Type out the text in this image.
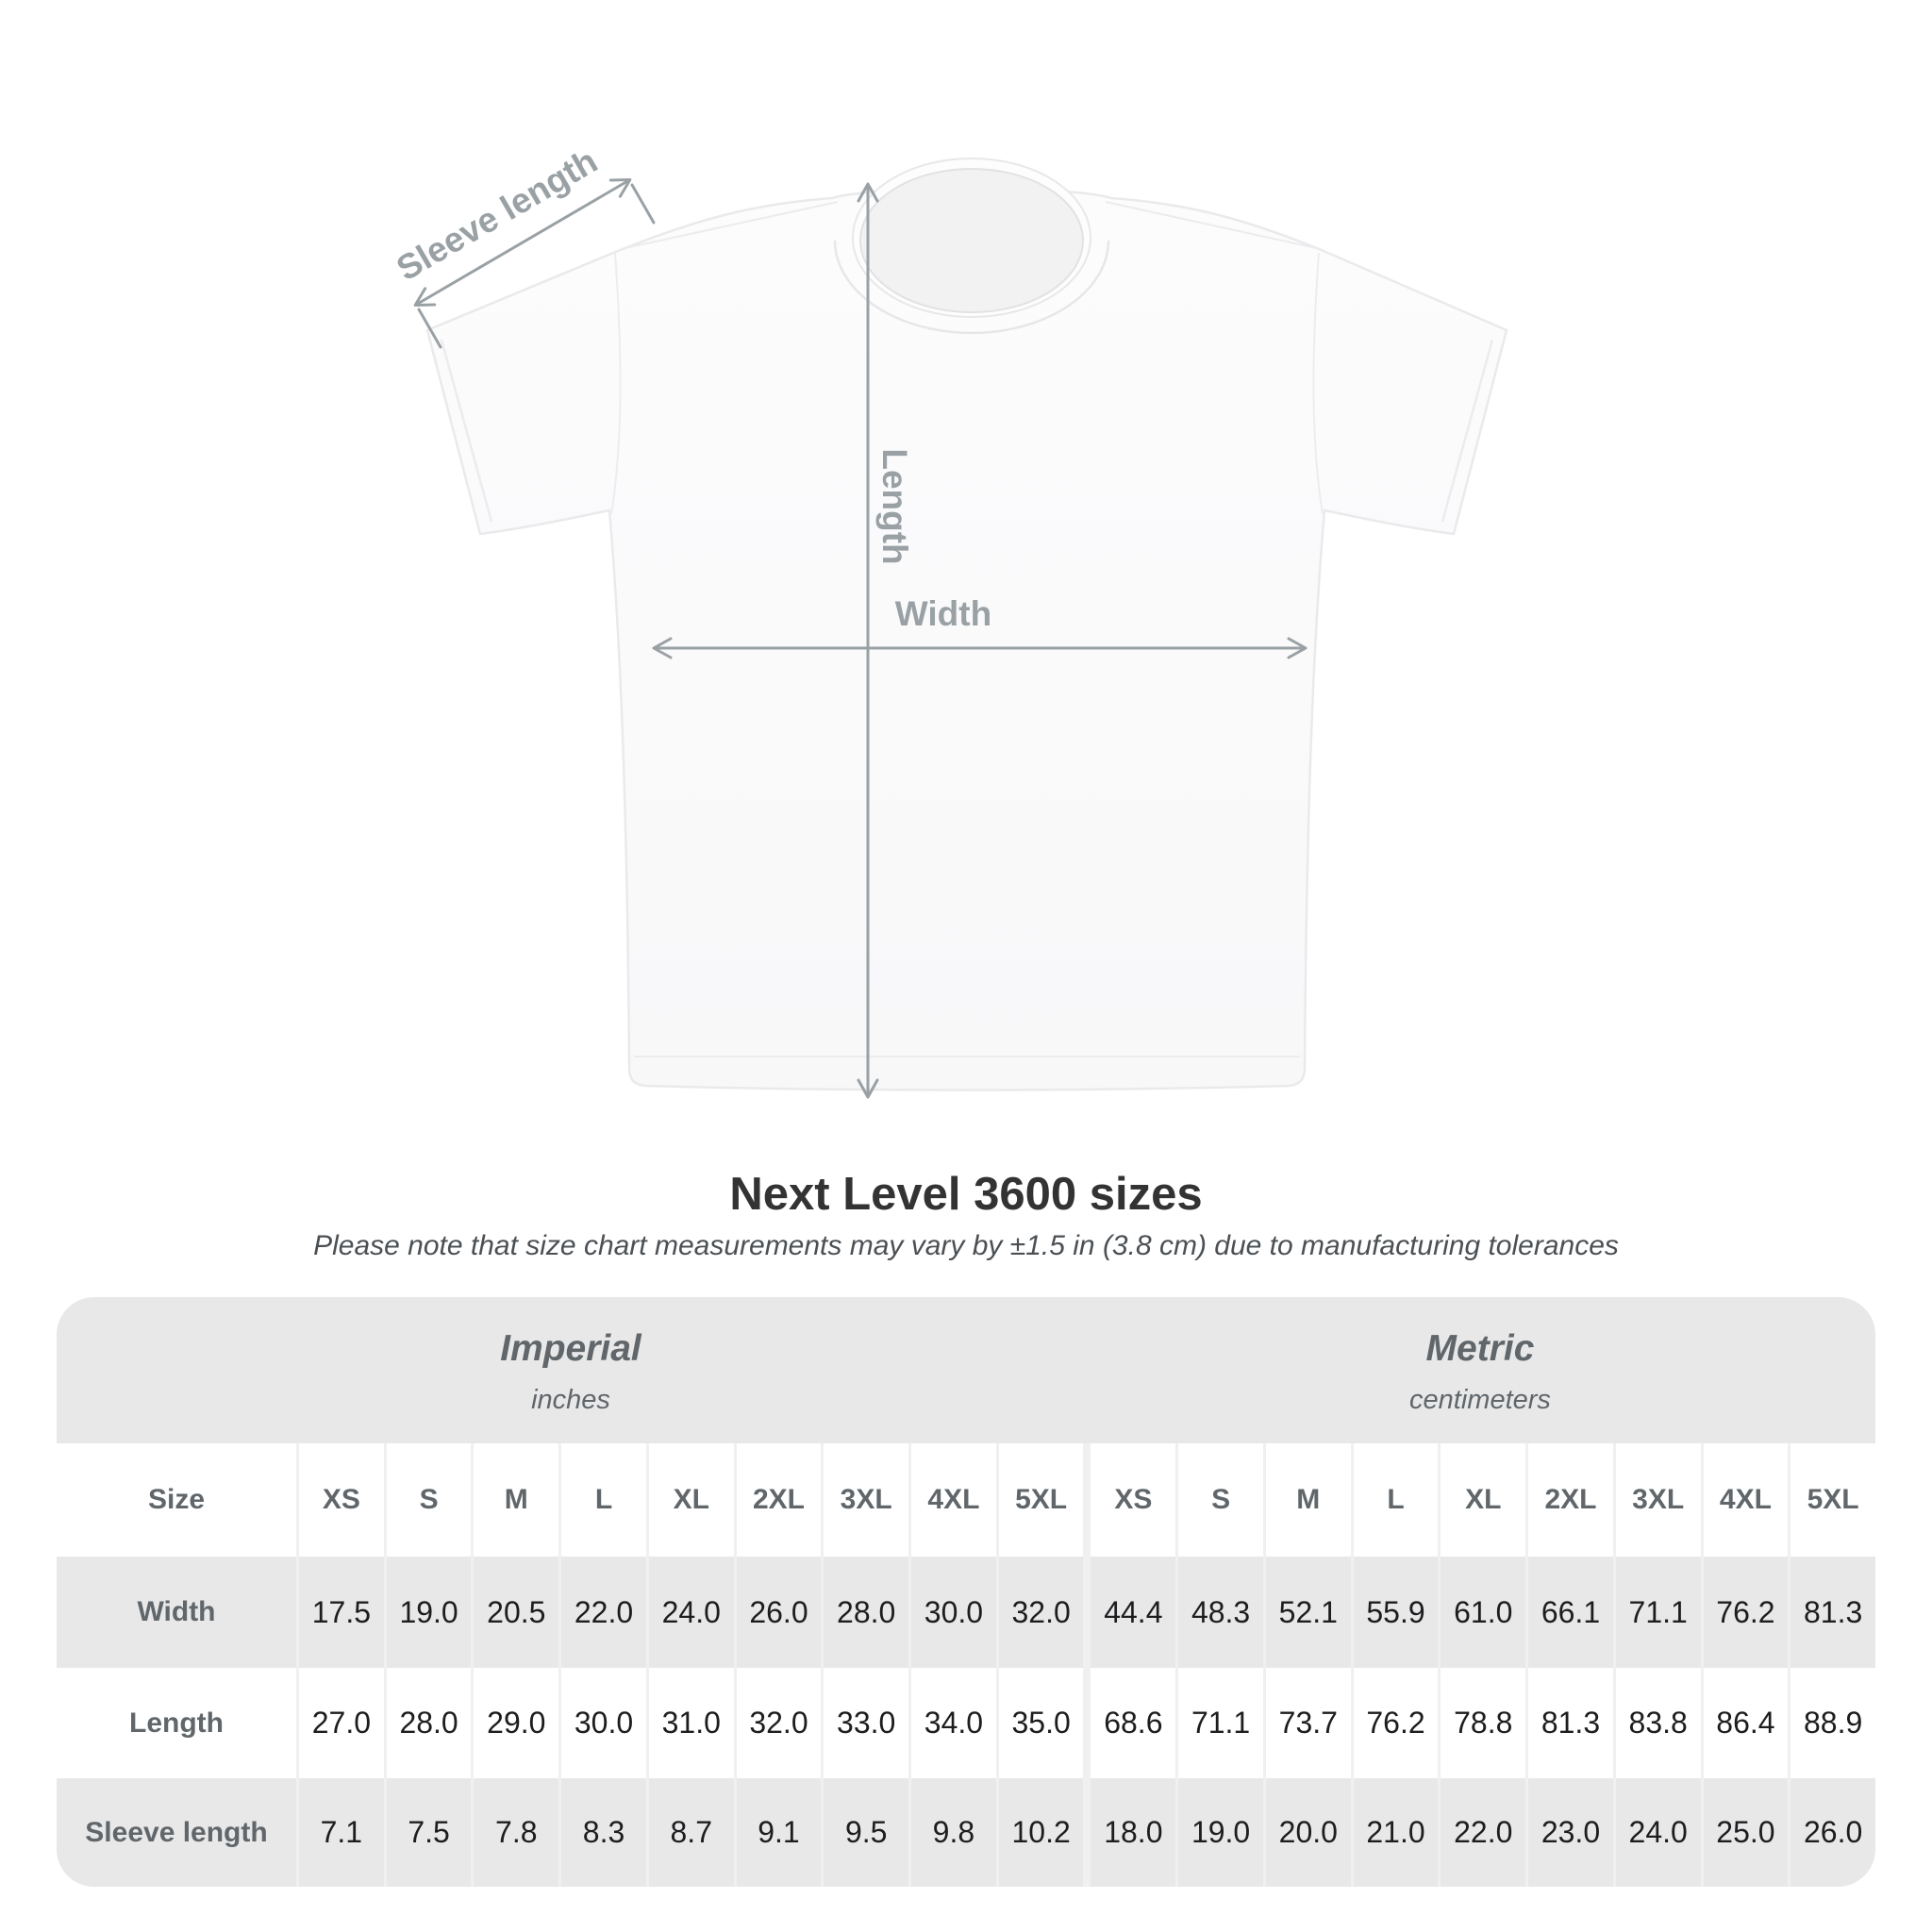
Sleeve length
Length
Width
Next Level 3600 sizes
Please note that size chart measurements may vary by ±1.5 in (3.8 cm) due to manufacturing tolerances
Imperial
inches
Metric
centimeters
Size	XS	S	M	L	XL	2XL	3XL	4XL	5XL	XS	S	M	L	XL	2XL	3XL	4XL	5XL
Width	17.5 19.0 20.5 22.0 24.0 26.0 28.0 30.0 32.0	44.4 48.3 52.1 55.9 61.0 66.1 71.1 76.2 81.3
Length	27.0 28.0 29.0 30.0 31.0 32.0 33.0 34.0 35.0	68.6 71.1 73.7 76.2 78.8 81.3 83.8 86.4 88.9
Sleeve length	7.1	7.5	7.8	8.3	8.7	9.1	9.5	9.8	10.2	18.0 19.0 20.0 21.0 22.0 23.0 24.0 25.0 26.0
